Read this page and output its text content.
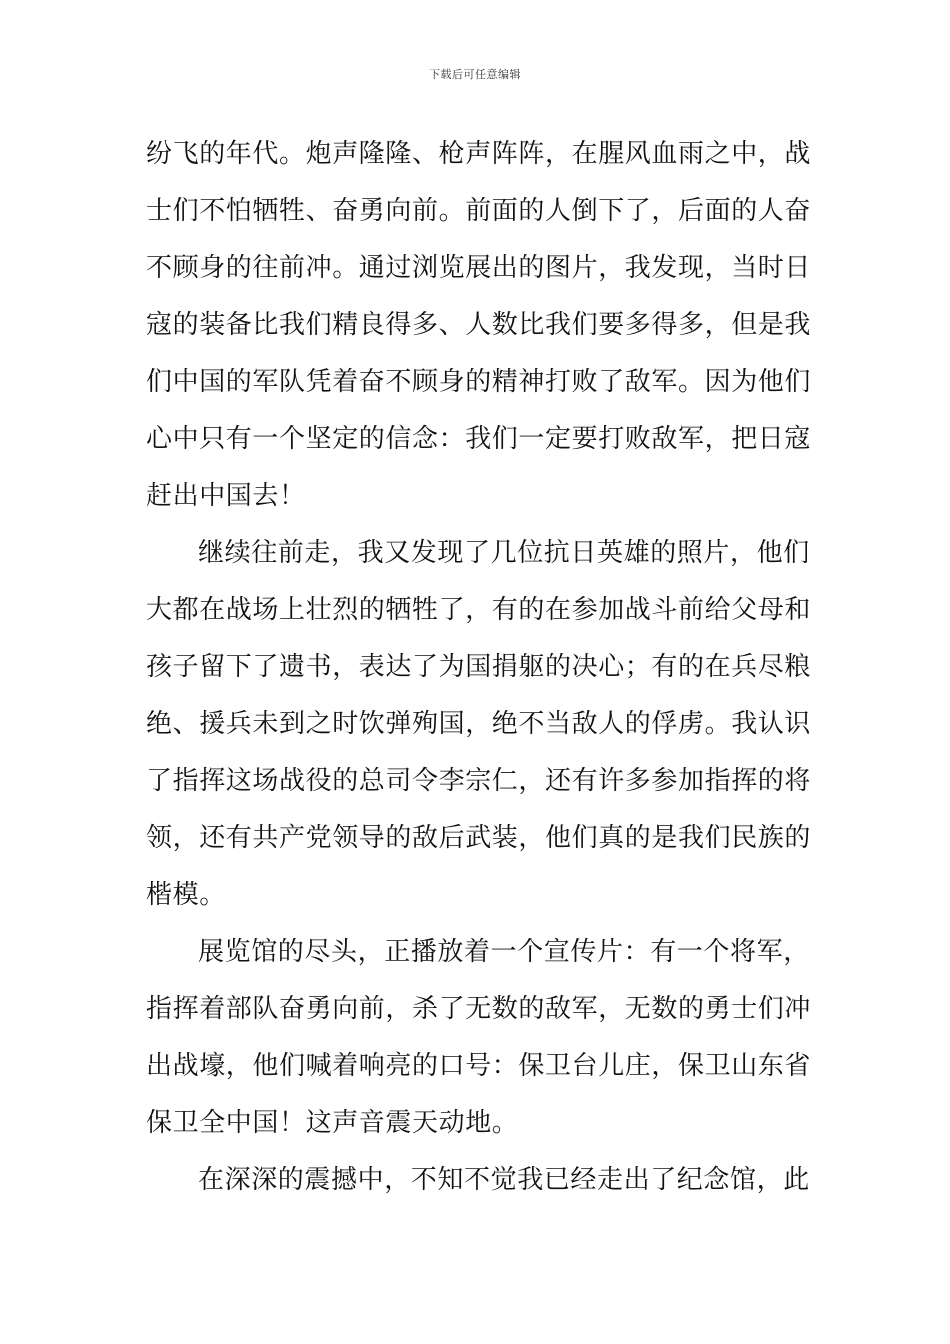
下载后可任意编辑
纷飞的年代。炮声隆隆、枪声阵阵，在腥风血雨之中，战
士们不怕牺牲、奋勇向前。前面的人倒下了，后面的人奋
不顾身的往前冲。通过浏览展出的图片，我发现，当时日
寇的装备比我们精良得多、人数比我们要多得多，但是我
们中国的军队凭着奋不顾身的精神打败了敌军。因为他们
心中只有一个坚定的信念：我们一定要打败敌军，把日寇
赶出中国去！
继续往前走，我又发现了几位抗日英雄的照片，他们
大都在战场上壮烈的牺牲了，有的在参加战斗前给父母和
孩子留下了遗书，表达了为国捐躯的决心；有的在兵尽粮
绝、援兵未到之时饮弹殉国，绝不当敌人的俘虏。我认识
了指挥这场战役的总司令李宗仁，还有许多参加指挥的将
领，还有共产党领导的敌后武装，他们真的是我们民族的
楷模。
展览馆的尽头，正播放着一个宣传片：有一个将军，
指挥着部队奋勇向前，杀了无数的敌军，无数的勇士们冲
出战壕，他们喊着响亮的口号：保卫台儿庄，保卫山东省
保卫全中国！这声音震天动地。
在深深的震撼中，不知不觉我已经走出了纪念馆，此
